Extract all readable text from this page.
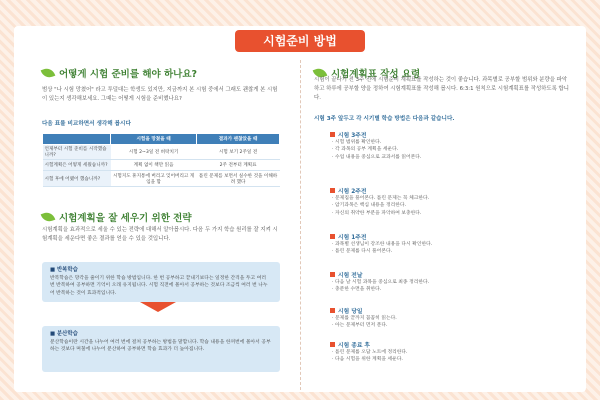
시험준비 방법
어떻게 시험 준비를 해야 하나요?
범상 "나 시험 망쳤어" 라고 투덜대는 학생도 있지만, 지금까지 본 시험 중에서 그래도 괜찮게 본 시험이 있는지 생각해보세요. 그때는 어떻게 시험을 준비했나요?
다음 표를 비교하면서 생각해 봅시다
	시험을 망쳤을 때	결과가 괜찮았을 때
언제부터 시험 준비를 시작했습니까?	시험 2~3일 전 벼락치기	시험 보기 2주일 전
시험계획은 어떻게 세웠습니까?	계획 없이 책만 읽음	2주 전부터 계획표
시험 후에 어땠어 했습니까?	시험지도 휴지통에 버리고 잊어버리고 게임을 함	틀린 문제를 보면서 실수한 것을 이해하려 했다
시험계획을 잘 세우기 위한 전략
시험계획을 효과적으로 세울 수 있는 전략에 대해서 알아봅시다. 다음 두 가지 학습 원리를 잘 지켜 시험계획을 세운다면 좋은 결과를 얻을 수 있을 것입니다.
■ 반복학습
반복학습은 망각을 줄이기 위한 학습 방법입니다. 한 번 공부하고 끝내기보다는 일정한 간격을 두고 여러 번 반복하여 공부하면 기억이 오래 유지됩니다. 시험 직전에 몰아서 공부하는 것보다 조금씩 여러 번 나누어 반복하는 것이 효과적입니다.
■ 분산학습
분산학습이란 시간을 나누어 여러 번에 걸쳐 공부하는 방법을 말합니다. 학습 내용을 한꺼번에 몰아서 공부하는 것보다 며칠에 나누어 분산하여 공부하면 학습 효과가 더 높아집니다.
시험계획표 작성 요령
시험이 끝나기 전 3주 전에 시험준비 계획표를 작성하는 것이 좋습니다. 과목별로 공부할 범위와 분량을 파악하고 하루에 공부할 양을 정하여 시험계획표를 작성해 봅시다. 6:3:1 원칙으로 시험계획표를 작성하도록 합니다.
시험 3주 앞두고 각 시기별 학습 방법은 다음과 같습니다.
시험 3주전
· 시험 범위를 확인한다.
· 각 과목의 공부 계획을 세운다.
· 수업 내용을 중심으로 교과서를 읽어본다.
시험 2주전
· 문제집을 풀어본다. 틀린 문제는 꼭 체크한다.
· 암기과목은 핵심 내용을 정리한다.
· 자신의 취약한 부분을 파악하여 보충한다.
시험 1주전
· 과목별 선생님이 강조한 내용을 다시 확인한다.
· 틀린 문제를 다시 풀어본다.
시험 전날
· 다음 날 시험 과목을 중심으로 최종 정리한다.
· 충분한 수면을 취한다.
시험 당일
· 문제를 끝까지 꼼꼼히 읽는다.
· 아는 문제부터 먼저 푼다.
시험 종료 후
· 틀린 문제를 오답 노트에 정리한다.
· 다음 시험을 위한 계획을 세운다.
